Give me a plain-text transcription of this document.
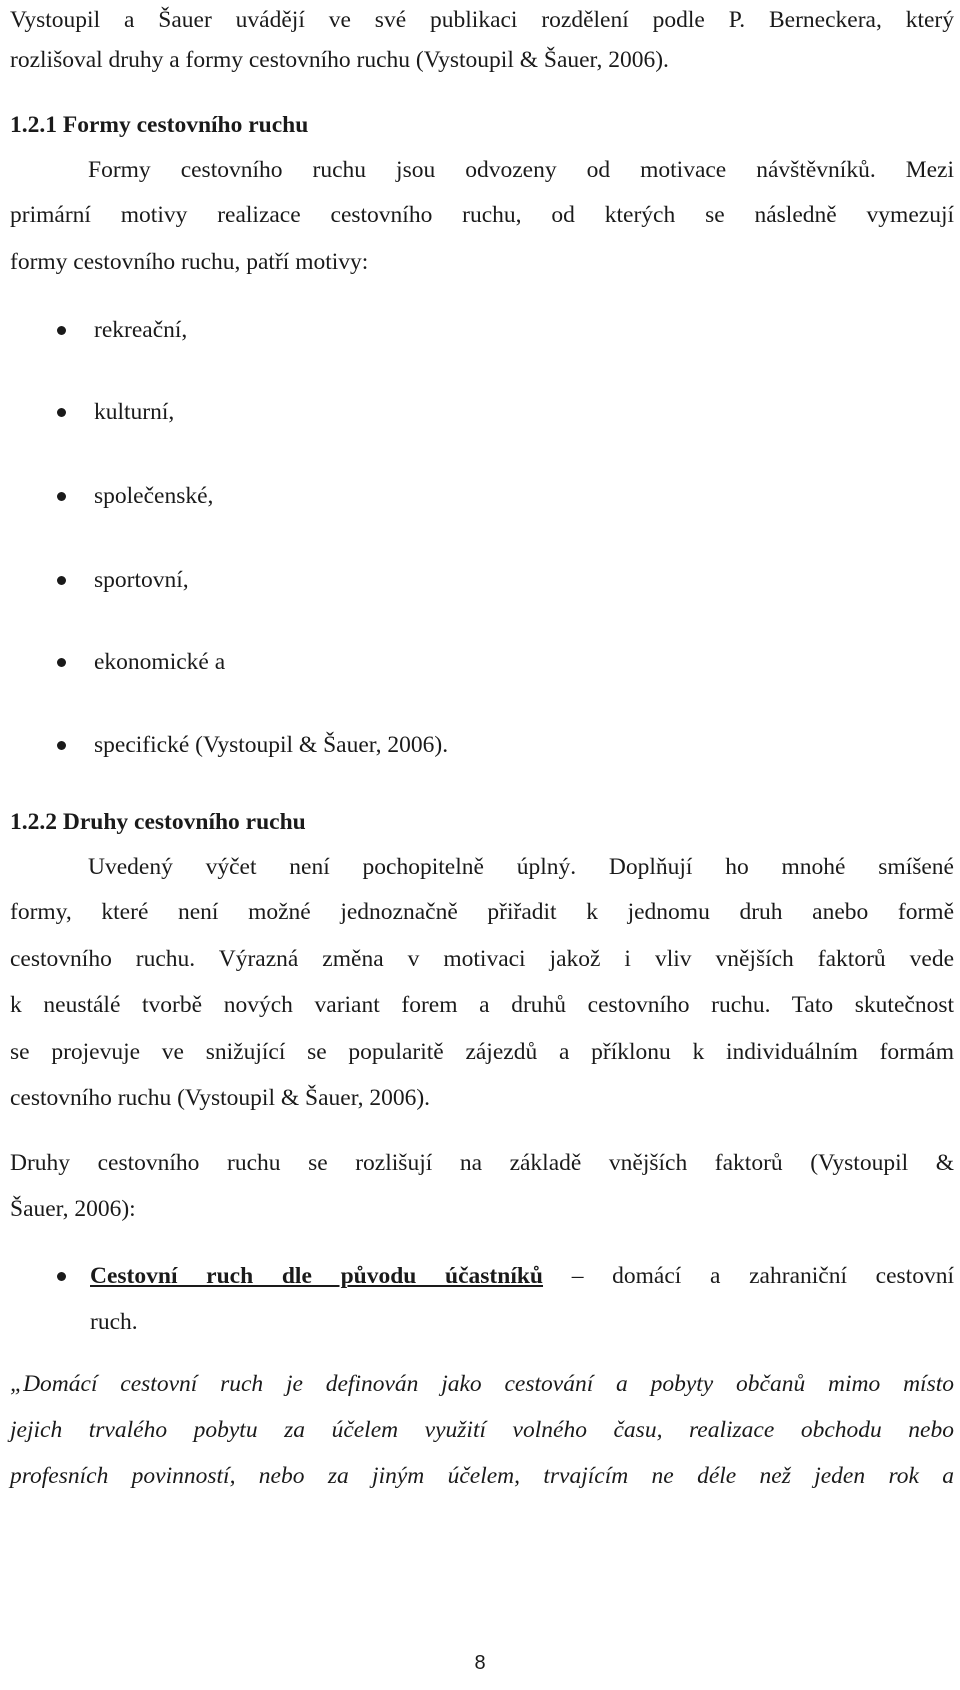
Vystoupil a Šauer uvádějí ve své publikaci rozdělení podle P. Berneckera, který
rozlišoval druhy a formy cestovního ruchu (Vystoupil & Šauer, 2006).
1.2.1 Formy cestovního ruchu
Formy cestovního ruchu jsou odvozeny od motivace návštěvníků. Mezi
primární motivy realizace cestovního ruchu, od kterých se následně vymezují
formy cestovního ruchu, patří motivy:
rekreační,
kulturní,
společenské,
sportovní,
ekonomické a
specifické (Vystoupil & Šauer, 2006).
1.2.2 Druhy cestovního ruchu
Uvedený výčet není pochopitelně úplný. Doplňují ho mnohé smíšené
formy, které není možné jednoznačně přiřadit k jednomu druh anebo formě
cestovního ruchu. Výrazná změna v motivaci jakož i vliv vnějších faktorů vede
k neustálé tvorbě nových variant forem a druhů cestovního ruchu. Tato skutečnost
se projevuje ve snižující se popularitě zájezdů a příklonu k individuálním formám
cestovního ruchu (Vystoupil & Šauer, 2006).
Druhy cestovního ruchu se rozlišují na základě vnějších faktorů (Vystoupil &
Šauer, 2006):
Cestovní ruch dle původu účastníků – domácí a zahraniční cestovní
ruch.
„Domácí cestovní ruch je definován jako cestování a pobyty občanů mimo místo
jejich trvalého pobytu za účelem využití volného času, realizace obchodu nebo
profesních povinností, nebo za jiným účelem, trvajícím ne déle než jeden rok a
8
